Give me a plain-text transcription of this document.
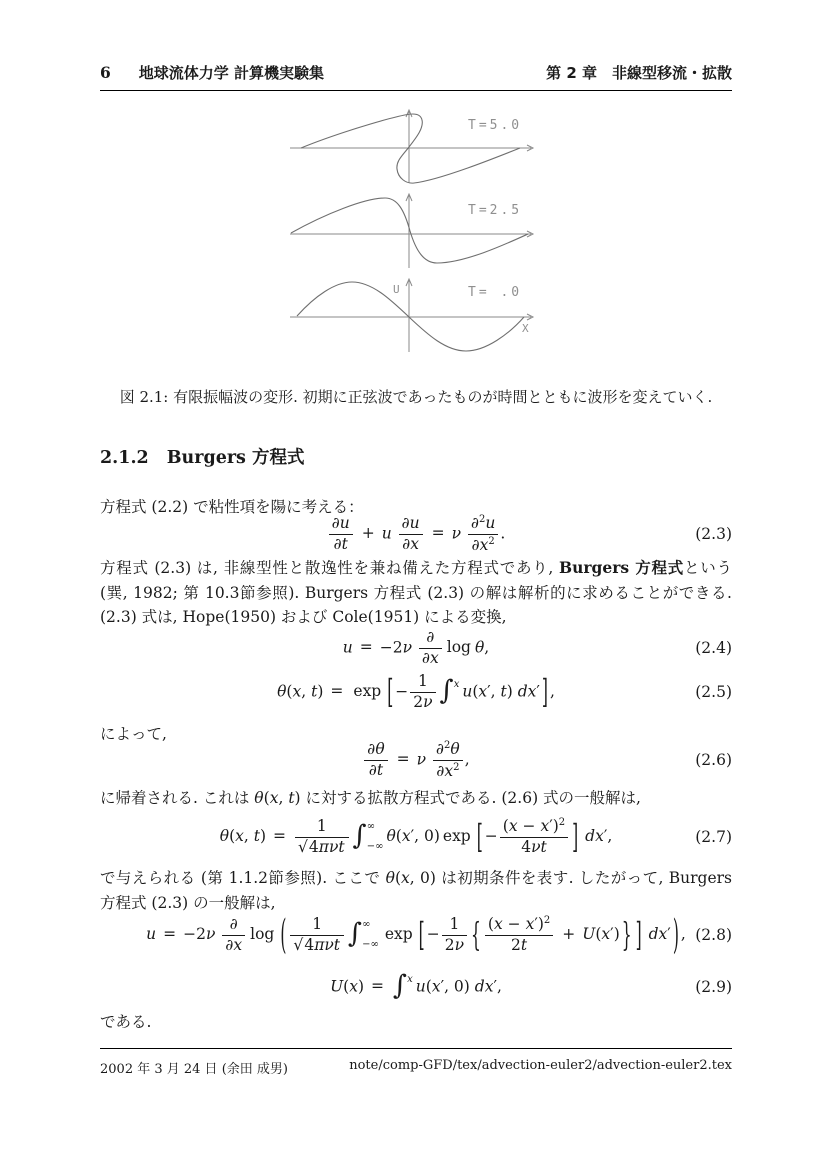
6 地球流体力学 計算機実験集	第 2 章　非線型移流・拡散
T=5.0
T=2.5
T= .0
U
X
図 2.1: 有限振幅波の変形. 初期に正弦波であったものが時間とともに波形を変えていく.
2.1.2 Burgers 方程式
方程式 (2.2) で粘性項を陽に考える：
$\frac{\partial u}{\partial t} + u \frac{\partial u}{\partial x} = \nu \frac{\partial^2u}{\partial x^2}$ .	(2.3)
方程式 (2.3) は, 非線型性と散逸性を兼ね備えた方程式であり, Burgers 方程式という (巽, 1982; 第 10.3節参照). Burgers 方程式 (2.3) の解は解析的に求めることができる. (2.3) 式は, Hope(1950) および Cole(1951) による変換,
u = −2ν
∂
∂x
log θ,	(2.4)
θ(x, t) = exp [ − $\frac{1}{2\nu} \int^x$ u(x′, t) dx′ ] ,	(2.5)
によって,
$\frac{\partial\theta}{\partial t} = \nu \frac{\partial^2\theta}{\partial x^2}$ ,	(2.6)
に帰着される. これは θ(x, t) に対する拡散方程式である. (2.6) 式の一般解は,
θ(x, t) =
1
√4πνt ∫ ∞
−∞
θ(x′, 0) exp [ − $\frac{(x - x')^2}{4\nu t}$ ] dx′,	(2.7)
で与えられる (第 1.1.2節参照). ここで θ(x, 0) は初期条件を表す. したがって, Burgers 方程式 (2.3) の一般解は,
u = −2ν
∂
∂x
log (	1
√4πνt ∫ ∞
−∞
exp [ − $\frac{1}{2\nu}$ { $\frac{(x - x')^2}{2t} + U(x')$ } ] dx′ ) , (2.8)
U(x) = ∫$^x$ u(x′, 0) dx′,	(2.9)
である.
2002 年 3 月 24 日 (余田 成男)	note/comp-GFD/tex/advection-euler2/advection-euler2.tex
